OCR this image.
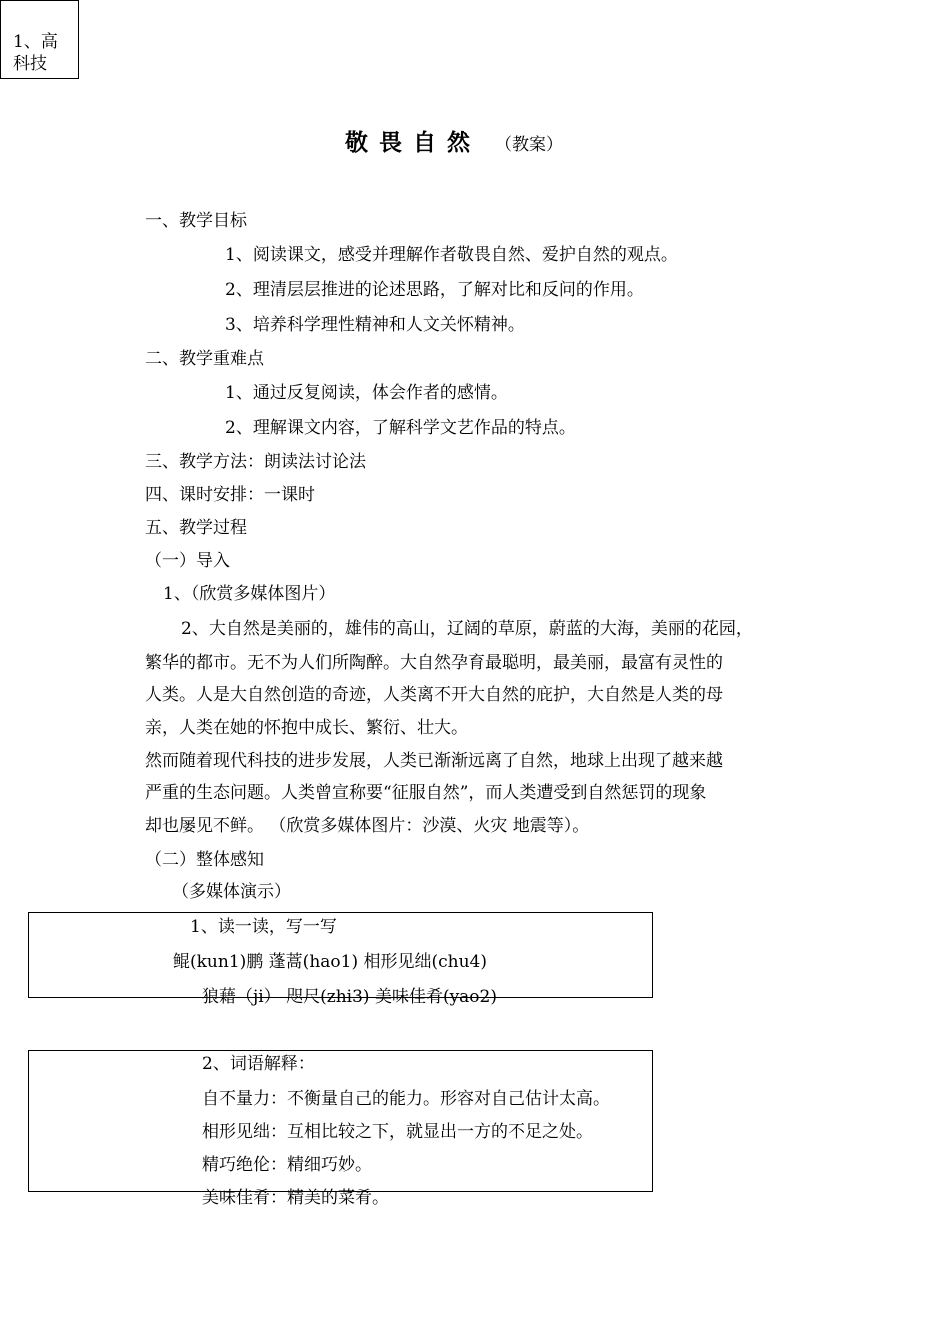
1、高
科技
敬畏自然 （教案）
一、教学目标
1、阅读课文，感受并理解作者敬畏自然、爱护自然的观点。
2、理清层层推进的论述思路，了解对比和反问的作用。
3、培养科学理性精神和人文关怀精神。
二、教学重难点
1、通过反复阅读，体会作者的感情。
2、理解课文内容，了解科学文艺作品的特点。
三、教学方法：朗读法讨论法
四、课时安排：一课时
五、教学过程
（一）导入
1、（欣赏多媒体图片）
2、大自然是美丽的，雄伟的高山，辽阔的草原，蔚蓝的大海，美丽的花园，
繁华的都市。无不为人们所陶醉。大自然孕育最聪明，最美丽，最富有灵性的
人类。人是大自然创造的奇迹，人类离不开大自然的庇护，大自然是人类的母
亲，人类在她的怀抱中成长、繁衍、壮大。
然而随着现代科技的进步发展，人类已渐渐远离了自然，地球上出现了越来越
严重的生态问题。人类曾宣称要“征服自然”，而人类遭受到自然惩罚的现象
却也屡见不鲜。 （欣赏多媒体图片：沙漠、火灾 地震等）。
（二）整体感知
（多媒体演示）
1、读一读，写一写
鲲(kun1)鹏 蓬蒿(hao1) 相形见绌(chu4)
狼藉（ji） 咫尺(zhi3) 美味佳肴(yao2)
2、词语解释：
自不量力：不衡量自己的能力。形容对自己估计太高。
相形见绌：互相比较之下，就显出一方的不足之处。
精巧绝伦：精细巧妙。
美味佳肴：精美的菜肴。
